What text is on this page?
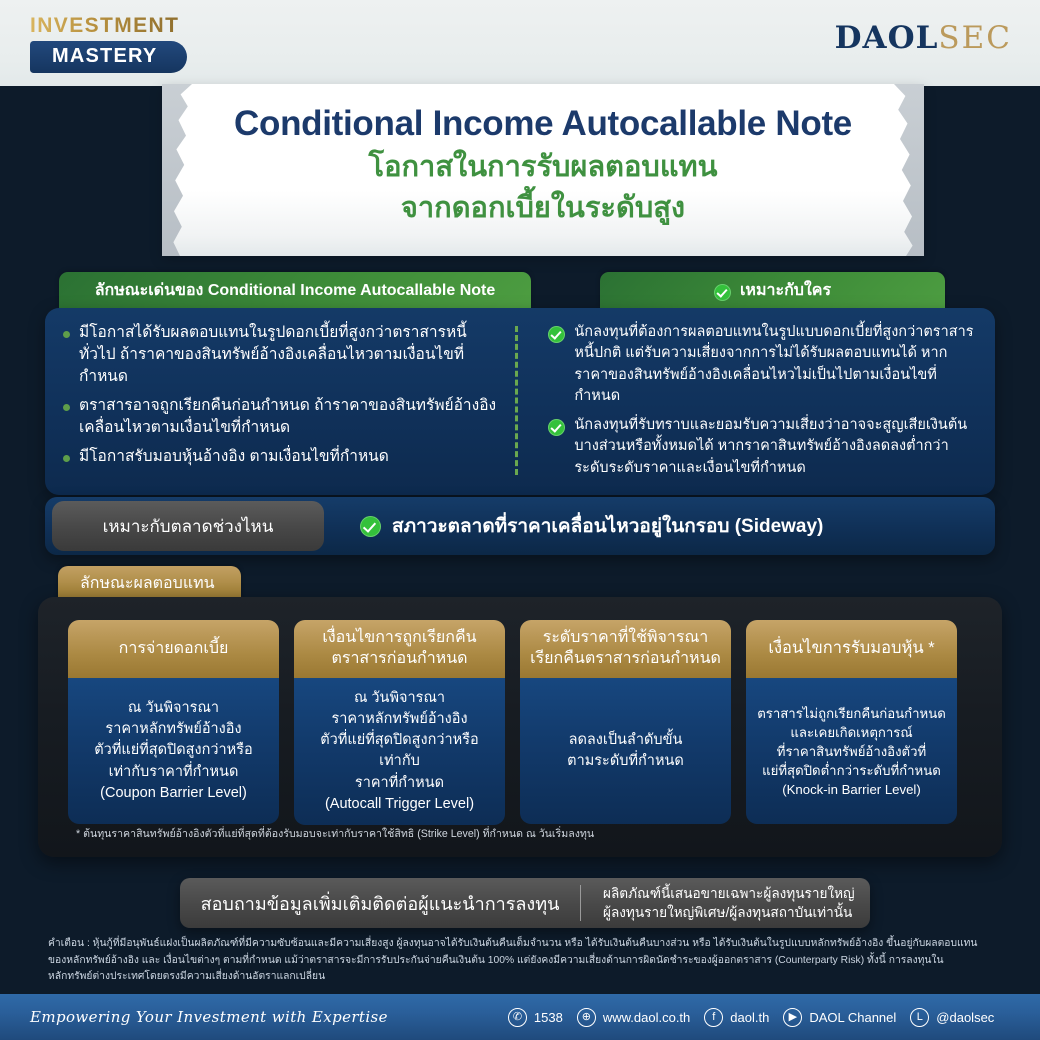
INVESTMENT
MASTERY	DAOLSEC
Conditional Income Autocallable Note
โอกาสในการรับผลตอบแทน
จากดอกเบี้ยในระดับสูง
ลักษณะเด่นของ Conditional Income Autocallable Note	เหมาะกับใคร
มีโอกาสได้รับผลตอบแทนในรูปดอกเบี้ยที่สูงกว่าตราสารหนี้ทั่วไป ถ้าราคาของสินทรัพย์อ้างอิงเคลื่อนไหวตามเงื่อนไขที่กำหนด
ตราสารอาจถูกเรียกคืนก่อนกำหนด ถ้าราคาของสินทรัพย์อ้างอิงเคลื่อนไหวตามเงื่อนไขที่กำหนด
มีโอกาสรับมอบหุ้นอ้างอิง ตามเงื่อนไขที่กำหนด
นักลงทุนที่ต้องการผลตอบแทนในรูปแบบดอกเบี้ยที่สูงกว่าตราสารหนี้ปกติ แต่รับความเสี่ยงจากการไม่ได้รับผลตอบแทนได้ หากราคาของสินทรัพย์อ้างอิงเคลื่อนไหวไม่เป็นไปตามเงื่อนไขที่กำหนด
นักลงทุนที่รับทราบและยอมรับความเสี่ยงว่าอาจจะสูญเสียเงินต้นบางส่วนหรือทั้งหมดได้ หากราคาสินทรัพย์อ้างอิงลดลงต่ำกว่าระดับระดับราคาและเงื่อนไขที่กำหนด
เหมาะกับตลาดช่วงไหน	สภาวะตลาดที่ราคาเคลื่อนไหวอยู่ในกรอบ (Sideway)
ลักษณะผลตอบแทน
การจ่ายดอกเบี้ย
ณ วันพิจารณา
ราคาหลักทรัพย์อ้างอิง
ตัวที่แย่ที่สุดปิดสูงกว่าหรือ
เท่ากับราคาที่กำหนด
(Coupon Barrier Level)
เงื่อนไขการถูกเรียกคืน
ตราสารก่อนกำหนด
ณ วันพิจารณา
ราคาหลักทรัพย์อ้างอิง
ตัวที่แย่ที่สุดปิดสูงกว่าหรือเท่ากับ
ราคาที่กำหนด
(Autocall Trigger Level)
ระดับราคาที่ใช้พิจารณา
เรียกคืนตราสารก่อนกำหนด
ลดลงเป็นลำดับขั้น
ตามระดับที่กำหนด
เงื่อนไขการรับมอบหุ้น *
ตราสารไม่ถูกเรียกคืนก่อนกำหนด
และเคยเกิดเหตุการณ์
ที่ราคาสินทรัพย์อ้างอิงตัวที่
แย่ที่สุดปิดต่ำกว่าระดับที่กำหนด
(Knock-in Barrier Level)
* ต้นทุนราคาสินทรัพย์อ้างอิงตัวที่แย่ที่สุดที่ต้องรับมอบจะเท่ากับราคาใช้สิทธิ (Strike Level) ที่กำหนด ณ วันเริ่มลงทุน
สอบถามข้อมูลเพิ่มเติมติดต่อผู้แนะนำการลงทุน
ผลิตภัณฑ์นี้เสนอขายเฉพาะผู้ลงทุนรายใหญ่
ผู้ลงทุนรายใหญ่พิเศษ/ผู้ลงทุนสถาบันเท่านั้น
คำเตือน : หุ้นกู้ที่มีอนุพันธ์แฝงเป็นผลิตภัณฑ์ที่มีความซับซ้อนและมีความเสี่ยงสูง ผู้ลงทุนอาจได้รับเงินต้นคืนเต็มจำนวน หรือ ได้รับเงินต้นคืนบางส่วน หรือ ได้รับเงินต้นในรูปแบบหลักทรัพย์อ้างอิง ขึ้นอยู่กับผลตอบแทน
ของหลักทรัพย์อ้างอิง และ เงื่อนไขต่างๆ ตามที่กำหนด แม้ว่าตราสารจะมีการรับประกันจ่ายคืนเงินต้น 100% แต่ยังคงมีความเสี่ยงด้านการผิดนัดชำระของผู้ออกตราสาร (Counterparty Risk) ทั้งนี้ การลงทุนใน
หลักทรัพย์ต่างประเทศโดยตรงมีความเสี่ยงด้านอัตราแลกเปลี่ยน
Empowering Your Investment with Expertise	✆ 1538	⊕ www.daol.co.th	f	daol.th	▶ DAOL Channel	L	@daolsec
